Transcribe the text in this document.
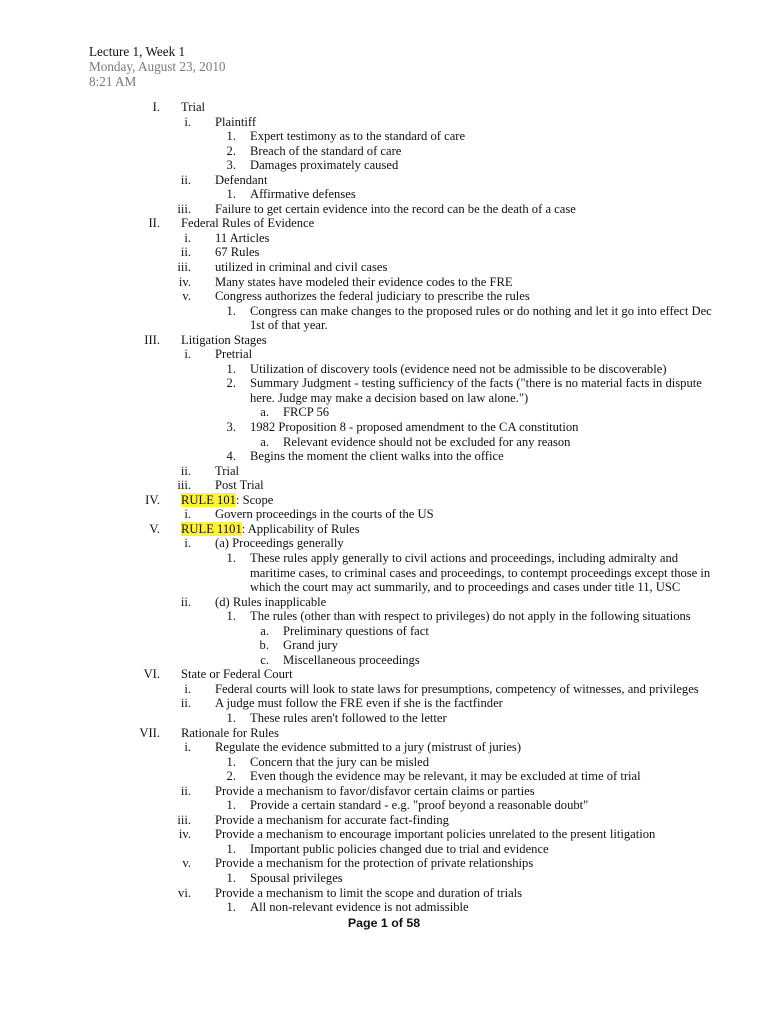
Lecture 1, Week 1
Monday, August 23, 2010
8:21 AM
I. Trial
i. Plaintiff
1. Expert testimony as to the standard of care
2. Breach of the standard of care
3. Damages proximately caused
ii. Defendant
1. Affirmative defenses
iii. Failure to get certain evidence into the record can be the death of a case
II. Federal Rules of Evidence
i. 11 Articles
ii. 67 Rules
iii. utilized in criminal and civil cases
iv. Many states have modeled their evidence codes to the FRE
v. Congress authorizes the federal judiciary to prescribe the rules
1. Congress can make changes to the proposed rules or do nothing and let it go into effect Dec
1st of that year.
III. Litigation Stages
i. Pretrial
1. Utilization of discovery tools (evidence need not be admissible to be discoverable)
2. Summary Judgment - testing sufficiency of the facts ("there is no material facts in dispute
here. Judge may make a decision based on law alone.")
a. FRCP 56
3. 1982 Proposition 8 - proposed amendment to the CA constitution
a. Relevant evidence should not be excluded for any reason
4. Begins the moment the client walks into the office
ii. Trial
iii. Post Trial
IV. RULE 101: Scope
i. Govern proceedings in the courts of the US
V. RULE 1101: Applicability of Rules
i. (a) Proceedings generally
1. These rules apply generally to civil actions and proceedings, including admiralty and
maritime cases, to criminal cases and proceedings, to contempt proceedings except those in
which the court may act summarily, and to proceedings and cases under title 11, USC
ii. (d) Rules inapplicable
1. The rules (other than with respect to privileges) do not apply in the following situations
a. Preliminary questions of fact
b. Grand jury
c. Miscellaneous proceedings
VI. State or Federal Court
i. Federal courts will look to state laws for presumptions, competency of witnesses, and privileges
ii. A judge must follow the FRE even if she is the factfinder
1. These rules aren't followed to the letter
VII. Rationale for Rules
i. Regulate the evidence submitted to a jury (mistrust of juries)
1. Concern that the jury can be misled
2. Even though the evidence may be relevant, it may be excluded at time of trial
ii. Provide a mechanism to favor/disfavor certain claims or parties
1. Provide a certain standard - e.g. "proof beyond a reasonable doubt"
iii. Provide a mechanism for accurate fact-finding
iv. Provide a mechanism to encourage important policies unrelated to the present litigation
1. Important public policies changed due to trial and evidence
v. Provide a mechanism for the protection of private relationships
1. Spousal privileges
vi. Provide a mechanism to limit the scope and duration of trials
1. All non-relevant evidence is not admissible
Page 1 of 58
